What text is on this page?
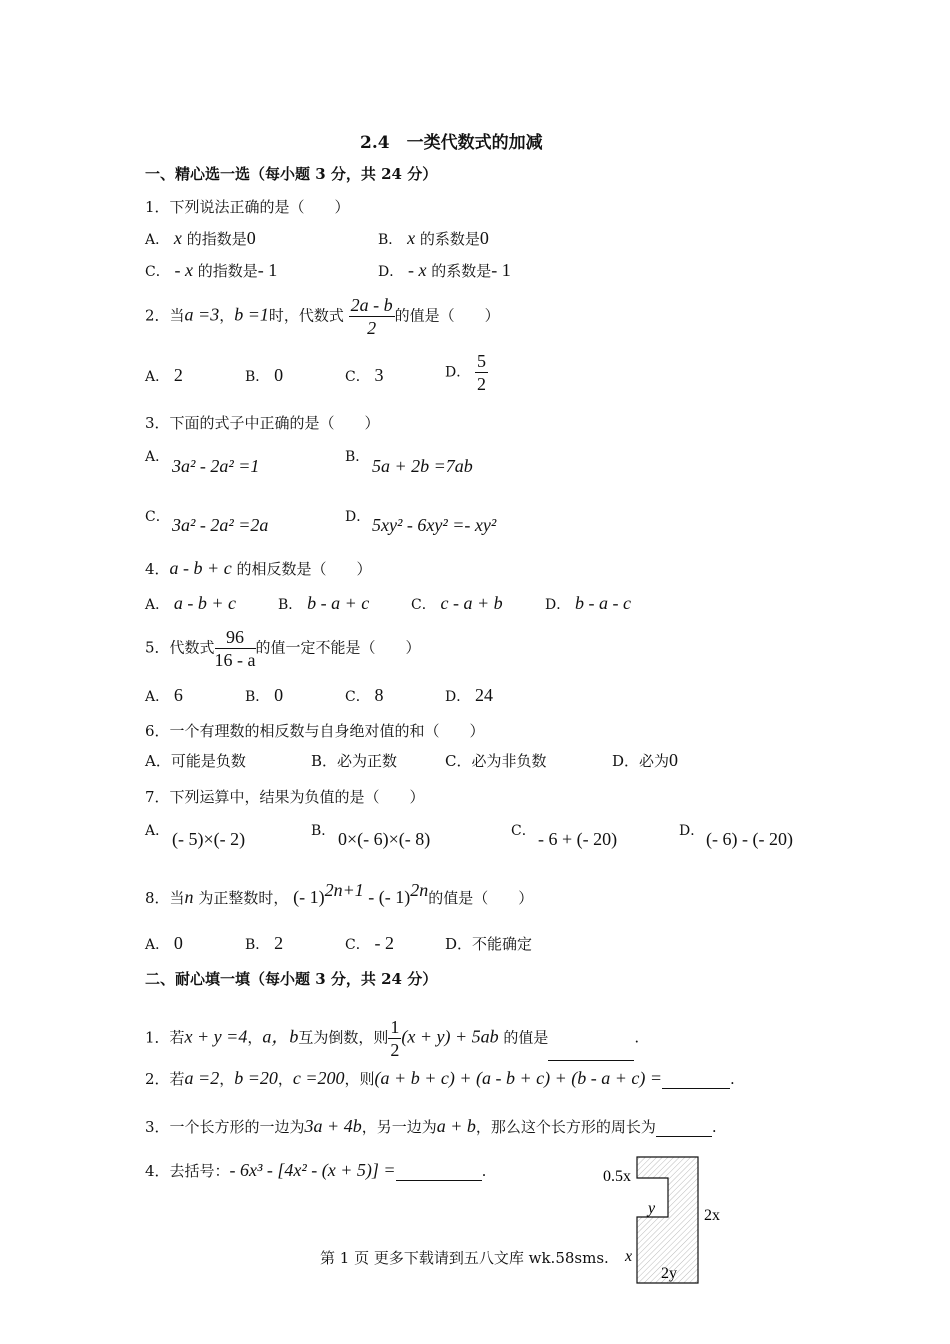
2.4　一类代数式的加减
一、精心选一选（每小题 3 分，共 24 分）
1．下列说法正确的是（　　）
A． x 的指数是0	B． x 的系数是0
C． - x 的指数是- 1	D． - x 的系数是- 1
2．当a =3，b =1时，代数式 $\frac{2a - b}{2}$ 的值是（　　）
A． 2	B． 0	C． 3	D． $\frac{5}{2}$
3．下面的式子中正确的是（　　）
A． 3a² - 2a² =1	B． 5a + 2b =7ab
C． 3a² - 2a² =2a	D． 5xy² - 6xy² =- xy²
4．a - b + c 的相反数是（　　）
A． a - b + c	B． b - a + c	C． c - a + b	D． b - a - c
5．代数式 $\frac{96}{16 - a}$ 的值一定不能是（　　）
A． 6	B． 0	C． 8	D． 24
6．一个有理数的相反数与自身绝对值的和（　　）
A．可能是负数	B．必为正数	C．必为非负数	D．必为0
7．下列运算中，结果为负值的是（　　）
A． (- 5)×(- 2)	B． 0×(- 6)×(- 8)	C． - 6 + (- 20)	D． (- 6) - (- 20)
8．当n 为正整数时， (- 1)$^{2n+1}$ - (- 1)$^{2n}$的值是（　　）
A． 0	B． 2	C． - 2	D．不能确定
二、耐心填一填（每小题 3 分，共 24 分）
1．若x + y =4，a，b互为倒数，则 $\frac{1}{2} (x + y) + 5ab$ 的值是	.
2．若a =2，b =20，c =200，则(a + b + c) + (a - b + c) + (b - a + c) =	.
3．一个长方形的一边为3a + 4b，另一边为a + b，那么这个长方形的周长为	.
4．去括号：- 6x³ - [4x² - (x + 5)] =	.	0.5x
y	2x
x
2y
第 1 页 更多下载请到五八文库 wk.58sms.
